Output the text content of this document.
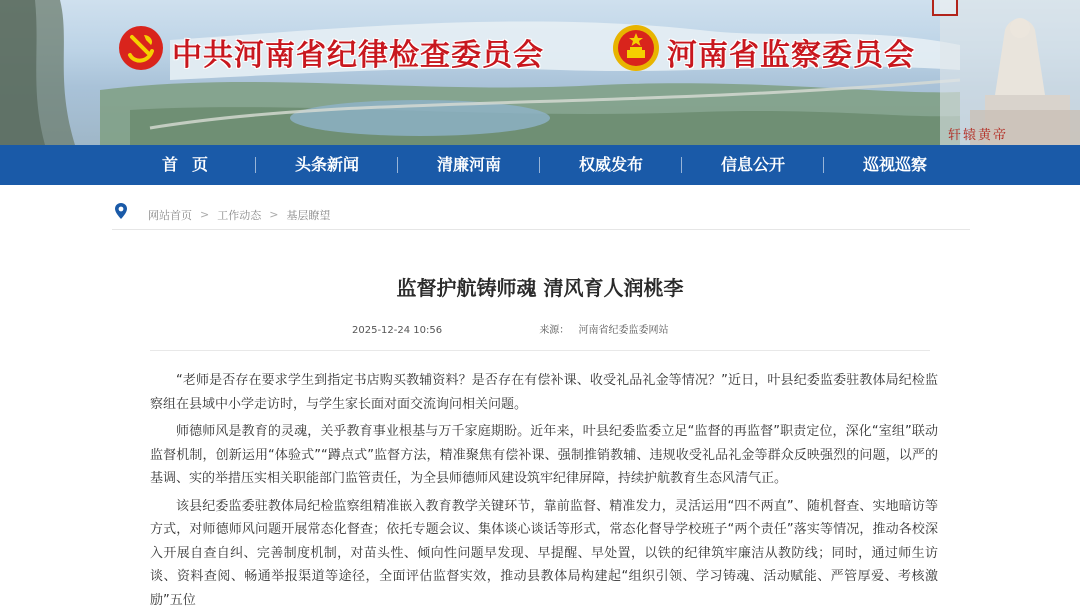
中共河南省纪律检查委员会	河南省监察委员会
轩辕黄帝
首页	头条新闻	清廉河南	权威发布	信息公开	巡视巡察
网站首页 > 工作动态 > 基层瞭望
监督护航铸师魂 清风育人润桃李
2025-12-24 10:56	来源： 河南省纪委监委网站

“老师是否存在要求学生到指定书店购买教辅资料？是否存在有偿补课、收受礼品礼金等情况？”近日，叶县纪委监委驻教体局纪检监察组在县域中小学走访时，与学生家长面对面交流询问相关问题。

师德师风是教育的灵魂，关乎教育事业根基与万千家庭期盼。近年来，叶县纪委监委立足“监督的再监督”职责定位，深化“室组”联动监督机制，创新运用“体验式”“蹲点式”监督方法，精准聚焦有偿补课、强制推销教辅、违规收受礼品礼金等群众反映强烈的问题，以严的基调、实的举措压实相关职能部门监管责任，为全县师德师风建设筑牢纪律屏障，持续护航教育生态风清气正。

该县纪委监委驻教体局纪检监察组精准嵌入教育教学关键环节，靠前监督、精准发力，灵活运用“四不两直”、随机督查、实地暗访等方式，对师德师风问题开展常态化督查；依托专题会议、集体谈心谈话等形式，常态化督导学校班子“两个责任”落实等情况，推动各校深入开展自查自纠、完善制度机制，对苗头性、倾向性问题早发现、早提醒、早处置，以铁的纪律筑牢廉洁从教防线；同时，通过师生访谈、资料查阅、畅通举报渠道等途径，全面评估监督实效，推动县教体局构建起“组织引领、学习铸魂、活动赋能、严管厚爱、考核激励”五位
